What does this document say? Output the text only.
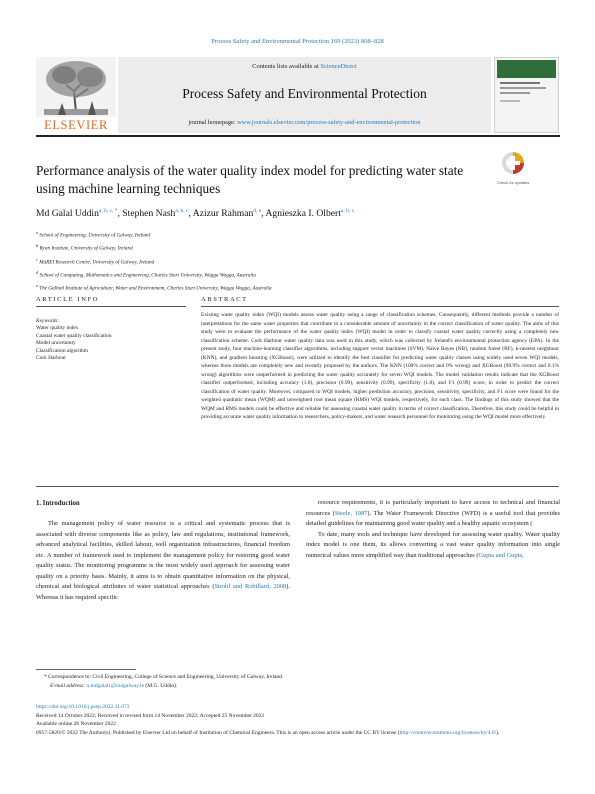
Process Safety and Environmental Protection 169 (2023) 808–828
ELSEVIER
Contents lists available at ScienceDirect
Process Safety and Environmental Protection
journal homepage: www.journals.elsevier.com/process-safety-and-environmental-protection
Performance analysis of the water quality index model for predicting water state using machine learning techniques	Check for updates
Md Galal Uddin$^{a, b, c, *}$, Stephen Nash$^{a, b, c}$, Azizur Rahman$^{d, e}$, Agnieszka I. Olbert$^{a, b, c}$
$^a$ School of Engineering, University of Galway, Ireland
$^b$ Ryan Institute, University of Galway, Ireland
$^c$ MaREI Research Centre, University of Galway, Ireland
$^d$ School of Computing, Mathematics and Engineering, Charles Sturt University, Wagga Wagga, Australia
$^e$ The Gulbali Institute of Agriculture, Water and Environment, Charles Sturt University, Wagga Wagga, Australia
ARTICLE INFO
Keywords:
Water quality index
Coastal water quality classification
Model uncertainty
Classification algorithm
Cork Harbour
ABSTRACT
Existing water quality index (WQI) models assess water quality using a range of classification schemes. Consequently, different methods provide a number of interpretations for the same water properties that contribute to a considerable amount of uncertainty in the correct classification of water quality. The aims of this study were to evaluate the performance of the water quality index (WQI) model in order to classify coastal water quality correctly using a completely new classification scheme. Cork Harbour water quality data was used in this study, which was collected by Ireland's environmental protection agency (EPA). In the present study, four machine-learning classifier algorithms, including support vector machines (SVM), Naïve Bayes (NB), random forest (RF), k-nearest neighbour (KNN), and gradient boosting (XGBoost), were utilized to identify the best classifier for predicting water quality classes using widely used seven WQI models, whereas three models are completely new and recently proposed by the authors. The KNN (100% correct and 0% wrong) and XGBoost (99.9% correct and 0.1% wrong) algorithms were outperformed in predicting the water quality accurately for seven WQI models. The model validation results indicate that the XGBoost classifier outperformed, including accuracy (1.0), precision (0.99), sensitivity (0.99), specificity (1.0), and F1 (0.99) score, in order to predict the correct classification of water quality. Moreover, compared to WQI models, higher prediction accuracy, precision, sensitivity, specificity, and F1 score were found for the weighted quadratic mean (WQM) and unweighted root mean square (RMS) WQI models, respectively, for each class. The findings of this study showed that the WQM and RMS models could be effective and reliable for assessing coastal water quality in terms of correct classification. Therefore, this study could be helpful in providing accurate water quality information to researchers, policy-makers, and water research personnel for monitoring using the WQI model more effectively.
1. Introduction

The management policy of water resource is a critical and systematic process that is associated with diverse components like as policy, law and regulations, institutional framework, advanced analytical facilities, skilled labour, well organization infrastructures, financial freedom etc. A number of framework used to implement the management policy for restoring good water quality status. The monitoring programme is the most widely used approach for assessing water quality on a priority basis. Mainly, it aims is to obtain quantitative information on the physical, chemical and biological attributes of water statistical approaches (Strobl and Robillard, 2008). Whereas it has required specific

resource requirements, it is particularly important to have access to technical and financial resources (Steele, 1987). The Water Framework Directive (WFD) is a useful tool that provides detailed guidelines for maintaining good water quality and a healthy aquatic ecosystem (

To date, many tools and technique have developed for assessing water quality. Water quality index model is one them, its allows converting a vast water quality information into single numerical values more simplified way than traditional approaches (Gupta and Gupta,

* Correspondence to: Civil Engineering, College of Science and Engineering, University of Galway, Ireland.
E-mail address: u.mdgalal1@nuigalway.ie (M.G. Uddin).
https://doi.org/10.1016/j.psep.2022.11.073
Received 14 October 2022; Received in revised form 14 November 2022; Accepted 25 November 2022
Available online 28 November 2022
0957-5820/© 2022 The Author(s). Published by Elsevier Ltd on behalf of Institution of Chemical Engineers. This is an open access article under the CC BY license (http://creativecommons.org/licenses/by/4.0/).
